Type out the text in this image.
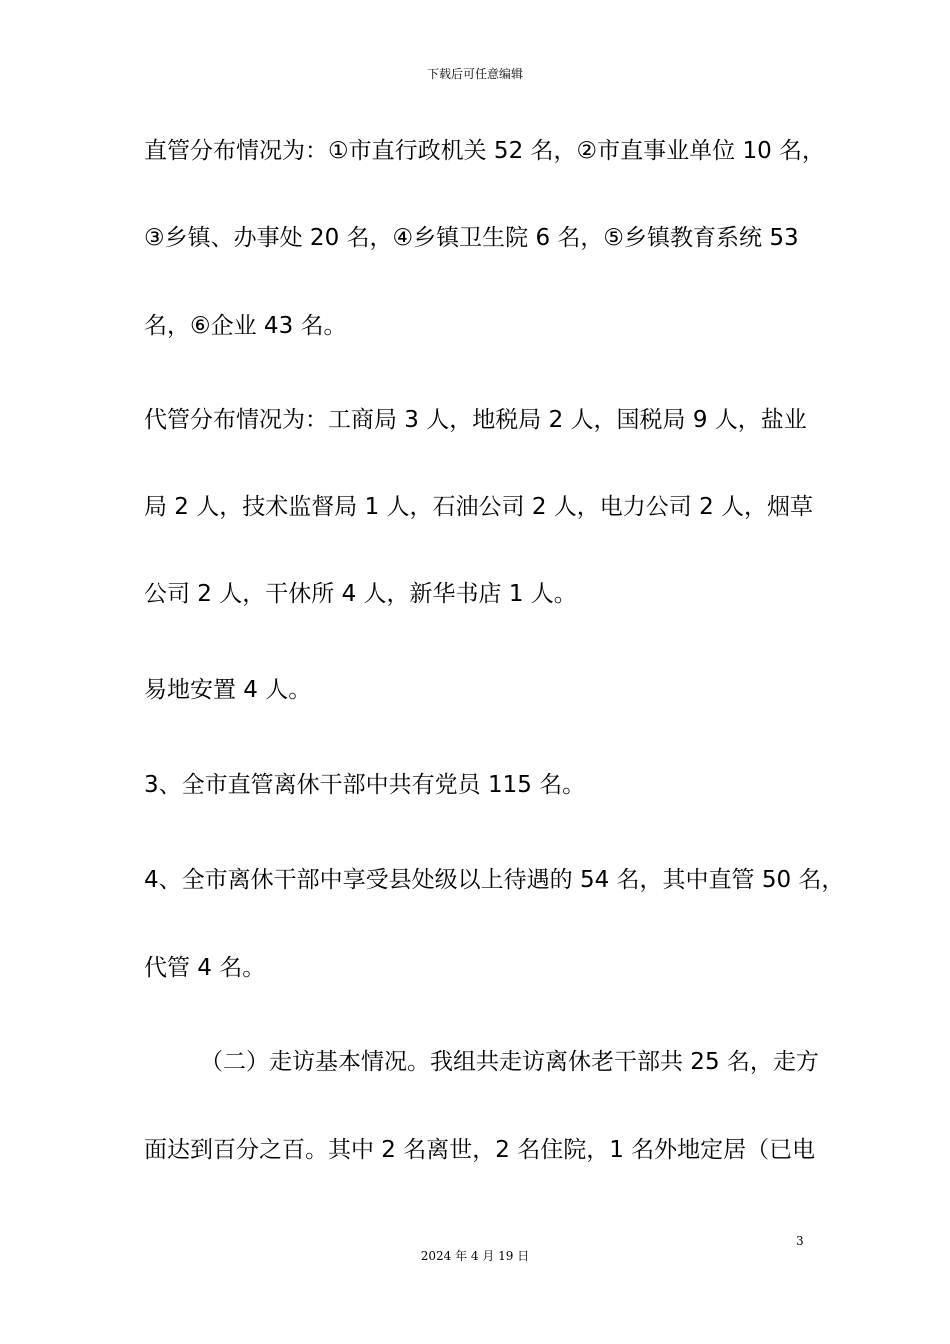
下载后可任意编辑
直管分布情况为：①市直行政机关 52 名，②市直事业单位 10 名，
③乡镇、办事处 20 名，④乡镇卫生院 6 名，⑤乡镇教育系统 53
名，⑥企业 43 名。
代管分布情况为：工商局 3 人，地税局 2 人，国税局 9 人，盐业
局 2 人，技术监督局 1 人，石油公司 2 人，电力公司 2 人，烟草
公司 2 人，干休所 4 人，新华书店 1 人。
易地安置 4 人。
3、全市直管离休干部中共有党员 115 名。
4、全市离休干部中享受县处级以上待遇的 54 名，其中直管 50 名，
代管 4 名。
（二）走访基本情况。我组共走访离休老干部共 25 名，走方
面达到百分之百。其中 2 名离世，2 名住院，1 名外地定居（已电
3
2024 年 4 月 19 日
